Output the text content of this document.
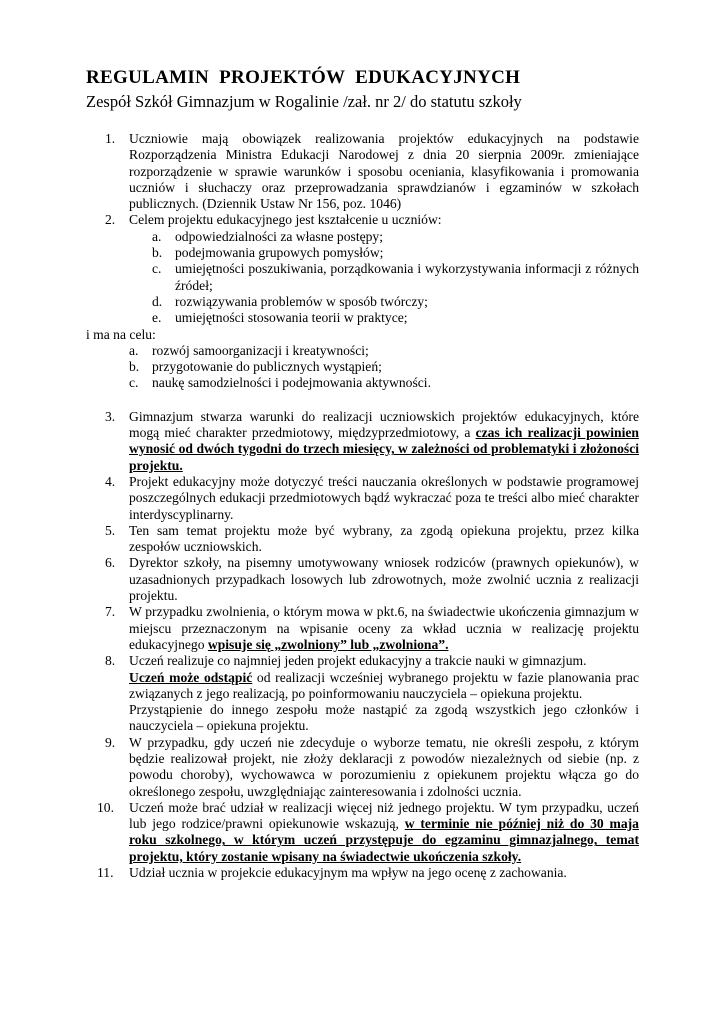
REGULAMIN  PROJEKTÓW  EDUKACYJNYCH
Zespół Szkół Gimnazjum w Rogalinie /zał. nr 2/ do statutu szkoły
1. Uczniowie mają obowiązek realizowania projektów edukacyjnych na podstawie Rozporządzenia Ministra Edukacji Narodowej z dnia 20 sierpnia 2009r. zmieniające rozporządzenie w sprawie warunków i sposobu oceniania, klasyfikowania i promowania uczniów i słuchaczy oraz przeprowadzania sprawdzianów i egzaminów w szkołach publicznych. (Dziennik Ustaw Nr 156, poz. 1046)

2. Celem projektu edukacyjnego jest kształcenie u uczniów:

a. odpowiedzialności za własne postępy;
b. podejmowania grupowych pomysłów;
c. umiejętności poszukiwania, porządkowania i wykorzystywania informacji z różnych źródeł;
d. rozwiązywania problemów w sposób twórczy;
e. umiejętności stosowania teorii w praktyce;
i ma na celu:
a. rozwój samoorganizacji i kreatywności;
b. przygotowanie do publicznych wystąpień;
c. naukę samodzielności i podejmowania aktywności.
3. Gimnazjum stwarza warunki do realizacji uczniowskich projektów edukacyjnych, które mogą mieć charakter przedmiotowy, międzyprzedmiotowy, a czas ich realizacji powinien wynosić od dwóch tygodni do trzech miesięcy, w zależności od problematyki i złożoności projektu.

4. Projekt edukacyjny może dotyczyć treści nauczania określonych w podstawie programowej poszczególnych edukacji przedmiotowych bądź wykraczać poza te treści albo mieć charakter interdyscyplinarny.

5. Ten sam temat projektu może być wybrany, za zgodą opiekuna projektu, przez kilka zespołów uczniowskich.

6. Dyrektor szkoły, na pisemny umotywowany wniosek rodziców (prawnych opiekunów), w uzasadnionych przypadkach losowych lub zdrowotnych, może zwolnić ucznia z realizacji projektu.

7. W przypadku zwolnienia, o którym mowa w pkt.6, na świadectwie ukończenia gimnazjum w miejscu przeznaczonym na wpisanie oceny za wkład ucznia w realizację projektu edukacyjnego wpisuje się „zwolniony” lub „zwolniona”.

8. Uczeń realizuje co najmniej jeden projekt edukacyjny a trakcie nauki w gimnazjum.
Uczeń może odstąpić od realizacji wcześniej wybranego projektu w fazie planowania prac związanych z jego realizacją, po poinformowaniu nauczyciela – opiekuna projektu.

Przystąpienie do innego zespołu może nastąpić za zgodą wszystkich jego członków i nauczyciela – opiekuna projektu.

9. W przypadku, gdy uczeń nie zdecyduje o wyborze tematu, nie określi zespołu, z którym będzie realizował projekt, nie złoży deklaracji z powodów niezależnych od siebie (np. z powodu choroby), wychowawca w porozumieniu z opiekunem projektu włącza go do określonego zespołu, uwzględniając zainteresowania i zdolności ucznia.

10. Uczeń może brać udział w realizacji więcej niż jednego projektu. W tym przypadku, uczeń lub jego rodzice/prawni opiekunowie wskazują, w terminie nie później niż do 30 maja roku szkolnego, w którym uczeń przystępuje do egzaminu gimnazjalnego, temat projektu, który zostanie wpisany na świadectwie ukończenia szkoły.

11. Udział ucznia w projekcie edukacyjnym ma wpływ na jego ocenę z zachowania.
